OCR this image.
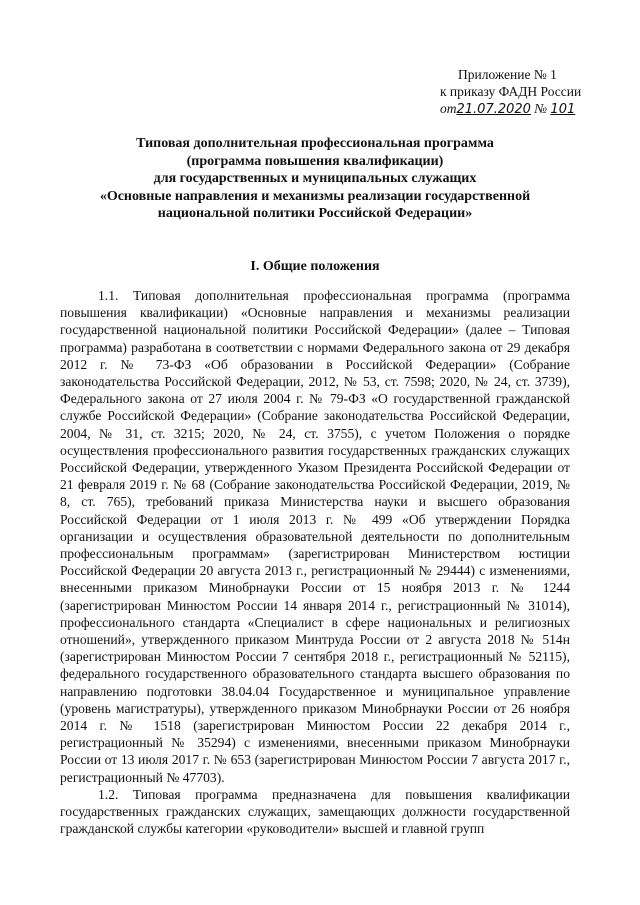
Приложение № 1
к приказу ФАДН России
от21.07.2020 № 101
Типовая дополнительная профессиональная программа
(программа повышения квалификации)
для государственных и муниципальных служащих
«Основные направления и механизмы реализации государственной
национальной политики Российской Федерации»
I. Общие положения

1.1. Типовая дополнительная профессиональная программа (программа повышения квалификации) «Основные направления и механизмы реализации государственной национальной политики Российской Федерации» (далее – Типовая программа) разработана в соответствии с нормами Федерального закона от 29 декабря 2012 г. № 73-ФЗ «Об образовании в Российской Федерации» (Собрание законодательства Российской Федерации, 2012, № 53, ст. 7598; 2020, № 24, ст. 3739), Федерального закона от 27 июля 2004 г. № 79-ФЗ «О государственной гражданской службе Российской Федерации» (Собрание законодательства Российской Федерации, 2004, № 31, ст. 3215; 2020, № 24, ст. 3755), с учетом Положения о порядке осуществления профессионального развития государственных гражданских служащих Российской Федерации, утвержденного Указом Президента Российской Федерации от 21 февраля 2019 г. № 68 (Собрание законодательства Российской Федерации, 2019, № 8, ст. 765), требований приказа Министерства науки и высшего образования Российской Федерации от 1 июля 2013 г. № 499 «Об утверждении Порядка организации и осуществления образовательной деятельности по дополнительным профессиональным программам» (зарегистрирован Министерством юстиции Российской Федерации 20 августа 2013 г., регистрационный № 29444) с изменениями, внесенными приказом Минобрнауки России от 15 ноября 2013 г. № 1244 (зарегистрирован Минюстом России 14 января 2014 г., регистрационный № 31014), профессионального стандарта «Специалист в сфере национальных и религиозных отношений», утвержденного приказом Минтруда России от 2 августа 2018 № 514н (зарегистрирован Минюстом России 7 сентября 2018 г., регистрационный № 52115), федерального государственного образовательного стандарта высшего образования по направлению подготовки 38.04.04 Государственное и муниципальное управление (уровень магистратуры), утвержденного приказом Минобрнауки России от 26 ноября 2014 г. № 1518 (зарегистрирован Минюстом России 22 декабря 2014 г., регистрационный № 35294) с изменениями, внесенными приказом Минобрнауки России от 13 июля 2017 г. № 653 (зарегистрирован Минюстом России 7 августа 2017 г., регистрационный № 47703).

1.2. Типовая программа предназначена для повышения квалификации государственных гражданских служащих, замещающих должности государственной гражданской службы категории «руководители» высшей и главной групп
